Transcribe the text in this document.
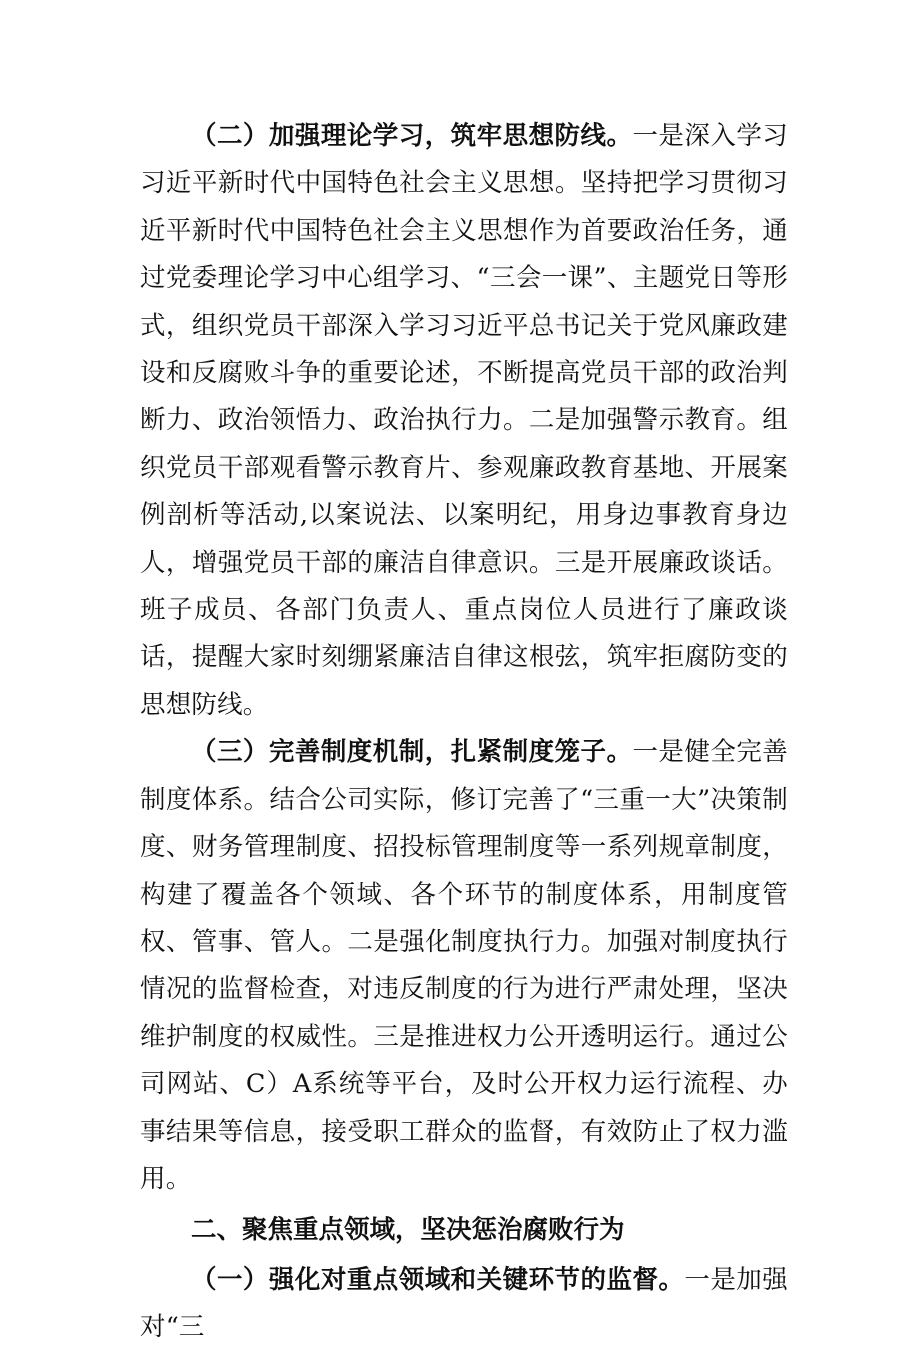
（二）加强理论学习，筑牢思想防线。一是深入学习习近平新时代中国特色社会主义思想。坚持把学习贯彻习近平新时代中国特色社会主义思想作为首要政治任务，通过党委理论学习中心组学习、“三会一课”、主题党日等形式，组织党员干部深入学习习近平总书记关于党风廉政建设和反腐败斗争的重要论述，不断提高党员干部的政治判断力、政治领悟力、政治执行力。二是加强警示教育。组织党员干部观看警示教育片、参观廉政教育基地、开展案例剖析等活动,以案说法、以案明纪，用身边事教育身边人，增强党员干部的廉洁自律意识。三是开展廉政谈话。班子成员、各部门负责人、重点岗位人员进行了廉政谈话，提醒大家时刻绷紧廉洁自律这根弦，筑牢拒腐防变的思想防线。

（三）完善制度机制，扎紧制度笼子。一是健全完善制度体系。结合公司实际，修订完善了“三重一大”决策制度、财务管理制度、招投标管理制度等一系列规章制度，构建了覆盖各个领域、各个环节的制度体系，用制度管权、管事、管人。二是强化制度执行力。加强对制度执行情况的监督检查，对违反制度的行为进行严肃处理，坚决维护制度的权威性。三是推进权力公开透明运行。通过公司网站、C）A系统等平台，及时公开权力运行流程、办事结果等信息，接受职工群众的监督，有效防止了权力滥用。

二、聚焦重点领域，坚决惩治腐败行为

（一）强化对重点领域和关键环节的监督。一是加强对“三
